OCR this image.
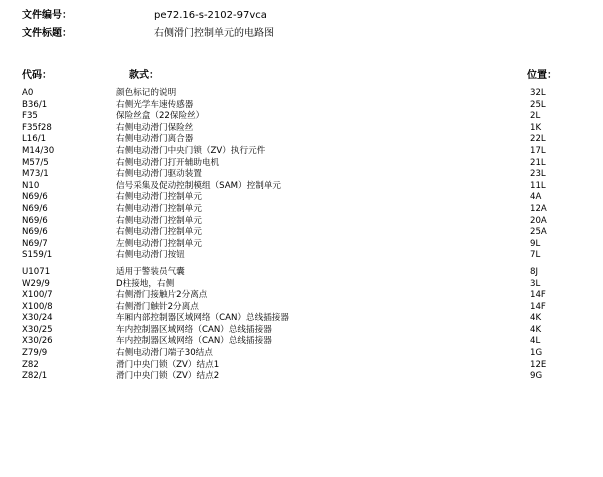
文件编号：	pe72.16-s-2102-97vca
文件标题：	右侧滑门控制单元的电路图
代码：	款式：	位置：
A0	颜色标记的说明	32L
B36/1	右侧光学车速传感器	25L
F35	保险丝盒（22保险丝）	2L
F35f28	右侧电动滑门保险丝	1K
L16/1	右侧电动滑门离合器	22L
M14/30	右侧电动滑门中央门锁（ZV）执行元件	17L
M57/5	右侧电动滑门打开辅助电机	21L
M73/1	右侧电动滑门驱动装置	23L
N10	信号采集及促动控制模组（SAM）控制单元	11L
N69/6	右侧电动滑门控制单元	4A
N69/6	右侧电动滑门控制单元	12A
N69/6	右侧电动滑门控制单元	20A
N69/6	右侧电动滑门控制单元	25A
N69/7	左侧电动滑门控制单元	9L
S159/1	右侧电动滑门按钮	7L
U1071	适用于警装员气囊	8J
W29/9	D柱接地，右侧	3L
X100/7	右侧滑门接触片2分离点	14F
X100/8	右侧滑门触针2分离点	14F
X30/24	车厢内部控制器区域网络（CAN）总线插接器	4K
X30/25	车内控制器区域网络（CAN）总线插接器	4K
X30/26	车内控制器区域网络（CAN）总线插接器	4L
Z79/9	右侧电动滑门端子30结点	1G
Z82	滑门中央门锁（ZV）结点1	12E
Z82/1	滑门中央门锁（ZV）结点2	9G
